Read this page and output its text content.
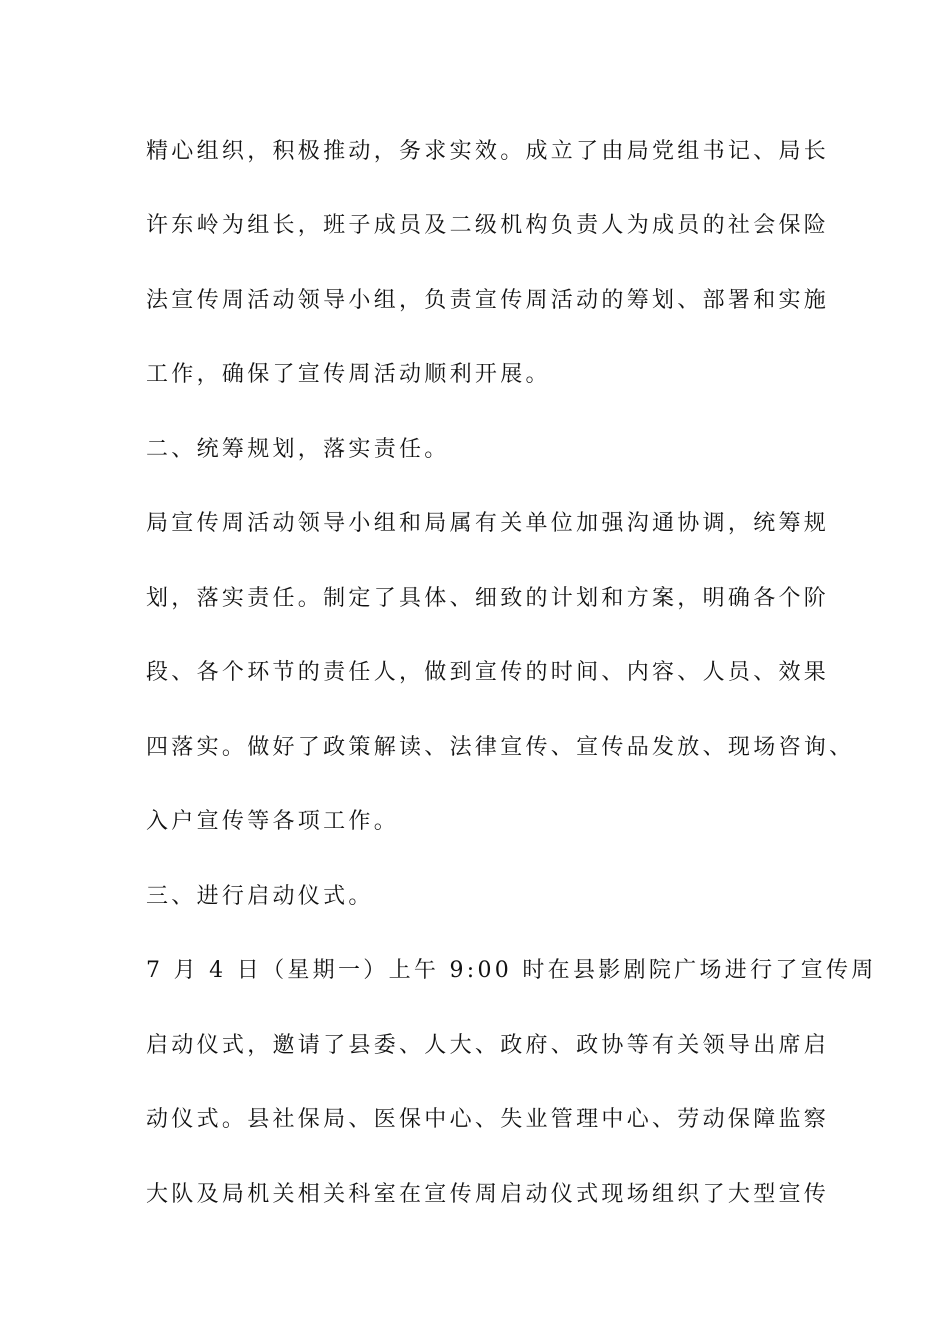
精心组织，积极推动，务求实效。成立了由局党组书记、局长
许东岭为组长，班子成员及二级机构负责人为成员的社会保险
法宣传周活动领导小组，负责宣传周活动的筹划、部署和实施
工作，确保了宣传周活动顺利开展。
二、统筹规划，落实责任。
局宣传周活动领导小组和局属有关单位加强沟通协调，统筹规
划，落实责任。制定了具体、细致的计划和方案，明确各个阶
段、各个环节的责任人，做到宣传的时间、内容、人员、效果
四落实。做好了政策解读、法律宣传、宣传品发放、现场咨询、
入户宣传等各项工作。
三、进行启动仪式。
7 月 4 日（星期一）上午 9:00 时在县影剧院广场进行了宣传周
启动仪式，邀请了县委、人大、政府、政协等有关领导出席启
动仪式。县社保局、医保中心、失业管理中心、劳动保障监察
大队及局机关相关科室在宣传周启动仪式现场组织了大型宣传
